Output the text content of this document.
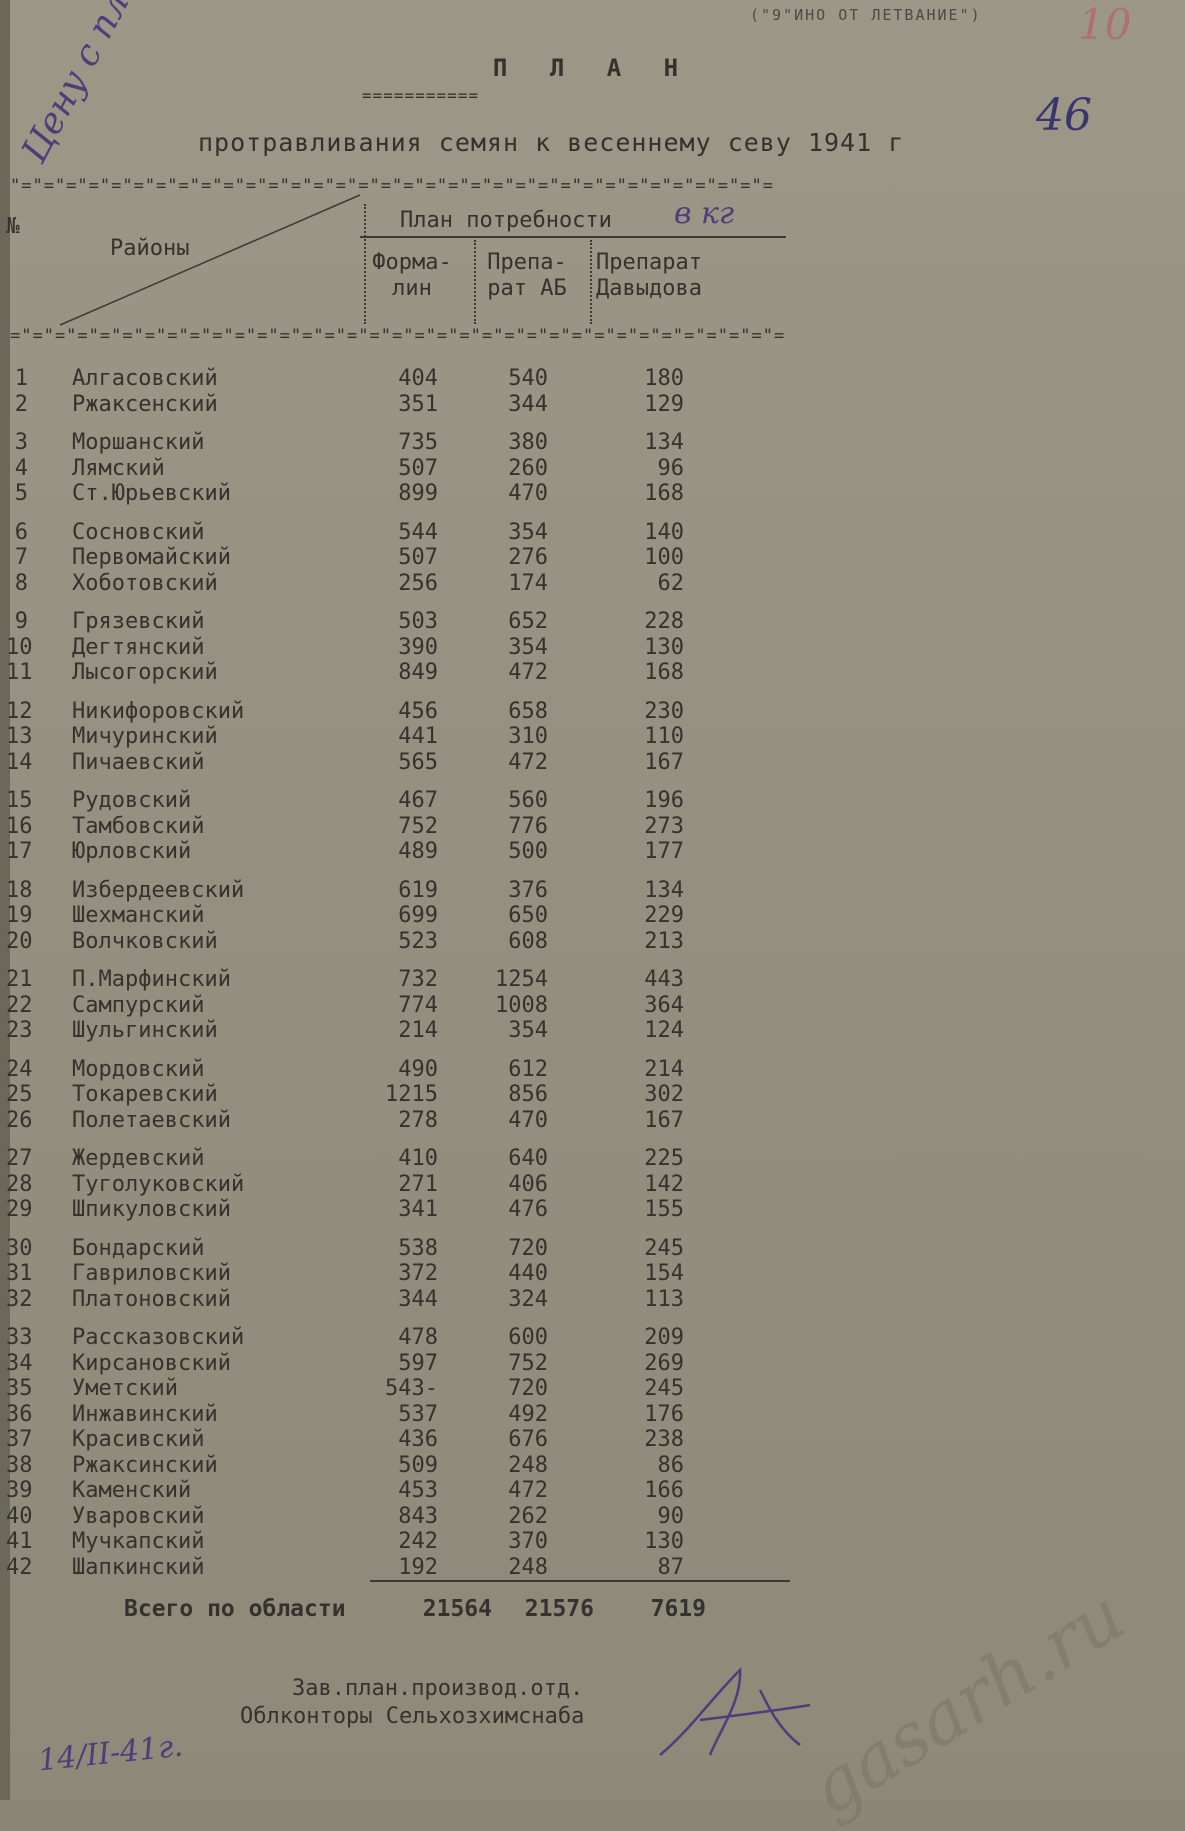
("9"ИНО ОТ ЛЕТВАНИЕ")
П Л А Н
===========
протравливания семян к весеннему севу 1941 г
"="="="="="="="="="="="="="="="="="="="="="="="="="="="="="="="="="=
№
Районы
План потребности в кг
Форма-
лин
Препа-
рат АБ
Препарат
Давыдова
="="="="="="="="="="="="="="="="="="="="="="="="="="="="="="="="="="=
1 Алгасовский	404	540	180
2 Ржаксенский	351	344	129
3 Моршанский	735	380	134
4 Лямский	507	260	96
5 Ст.Юрьевский	899	470	168
6 Сосновский	544	354	140
7 Первомайский	507	276	100
8 Хоботовский	256	174	62
9 Грязевский	503	652	228
10 Дегтянский	390	354	130
11 Лысогорский	849	472	168
12 Никифоровский	456	658	230
13 Мичуринский	441	310	110
14 Пичаевский	565	472	167
15 Рудовский	467	560	196
16 Тамбовский	752	776	273
17 Юрловский	489	500	177
18 Избердеевский	619	376	134
19 Шехманский	699	650	229
20 Волчковский	523	608	213
21 П.Марфинский	732	1254	443
22 Сампурский	774	1008	364
23 Шульгинский	214	354	124
24 Мордовский	490	612	214
25 Токаревский	1215	856	302
26 Полетаевский	278	470	167
27 Жердевский	410	640	225
28 Туголуковский	271	406	142
29 Шпикуловский	341	476	155
30 Бондарский	538	720	245
31 Гавриловский	372	440	154
32 Платоновский	344	324	113
33 Рассказовский	478	600	209
34 Кирсановский	597	752	269
35 Уметский	543-	720	245
36 Инжавинский	537	492	176
37 Красивский	436	676	238
38 Ржаксинский	509	248	86
39 Каменский	453	472	166
40 Уваровский	843	262	90
41 Мучкапский	242	370	130
42 Шапкинский	192	248	87
Всего по области	21564	21576	7619
Зав.план.производ.отд.
Облконторы Сельхозхимснаба
14/II-41г.
46
10
gasarh.ru
